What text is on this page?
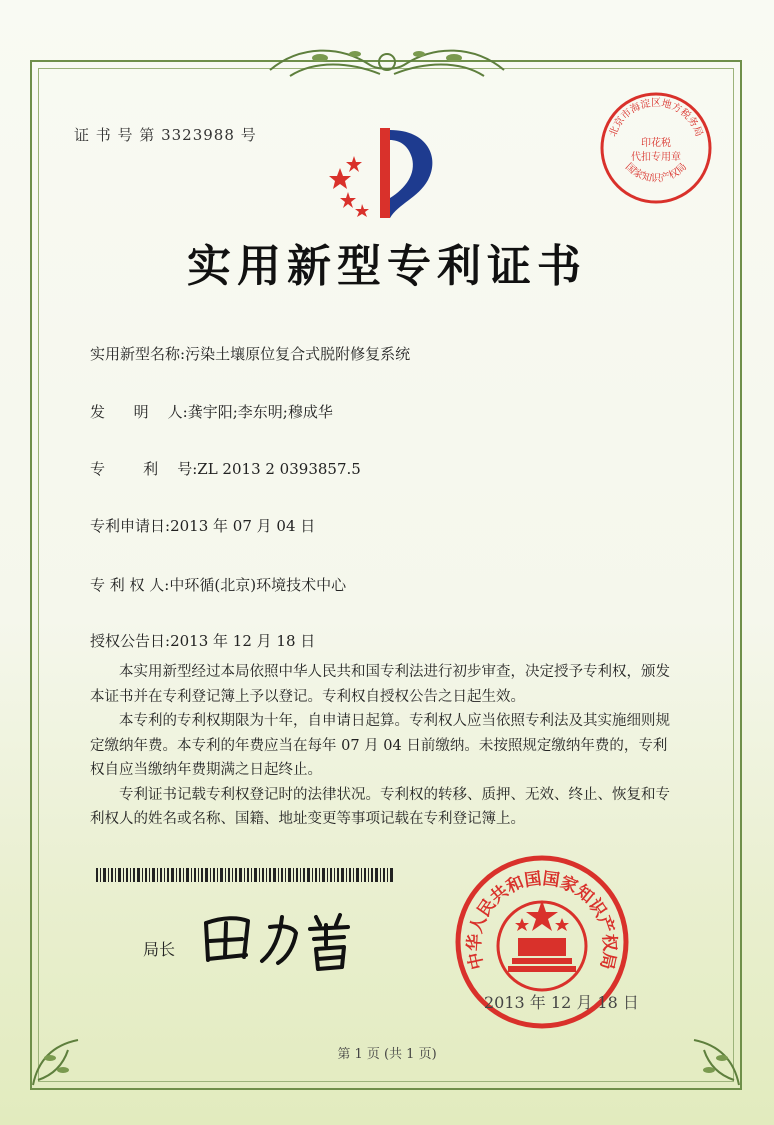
证 书 号 第 3323988 号
实用新型专利证书
实用新型名称:污染土壤原位复合式脱附修复系统
发      明    人:龚宇阳;李东明;穆成华
专        利    号:ZL 2013 2 0393857.5
专利申请日:2013 年 07 月 04 日
专 利 权 人:中环循(北京)环境技术中心
授权公告日:2013 年 12 月 18 日

本实用新型经过本局依照中华人民共和国专利法进行初步审查，决定授予专利权，颁发本证书并在专利登记簿上予以登记。专利权自授权公告之日起生效。

本专利的专利权期限为十年，自申请日起算。专利权人应当依照专利法及其实施细则规定缴纳年费。本专利的年费应当在每年 07 月 04 日前缴纳。未按照规定缴纳年费的，专利权自应当缴纳年费期满之日起终止。

专利证书记载专利权登记时的法律状况。专利权的转移、质押、无效、终止、恢复和专利权人的姓名或名称、国籍、地址变更等事项记载在专利登记簿上。

局长
北京市海淀区地方税务局
印花税
代扣专用章
国家知识产权局
中华人民共和国国家知识产权局
2013 年 12 月 18 日
第 1 页 (共 1 页)
